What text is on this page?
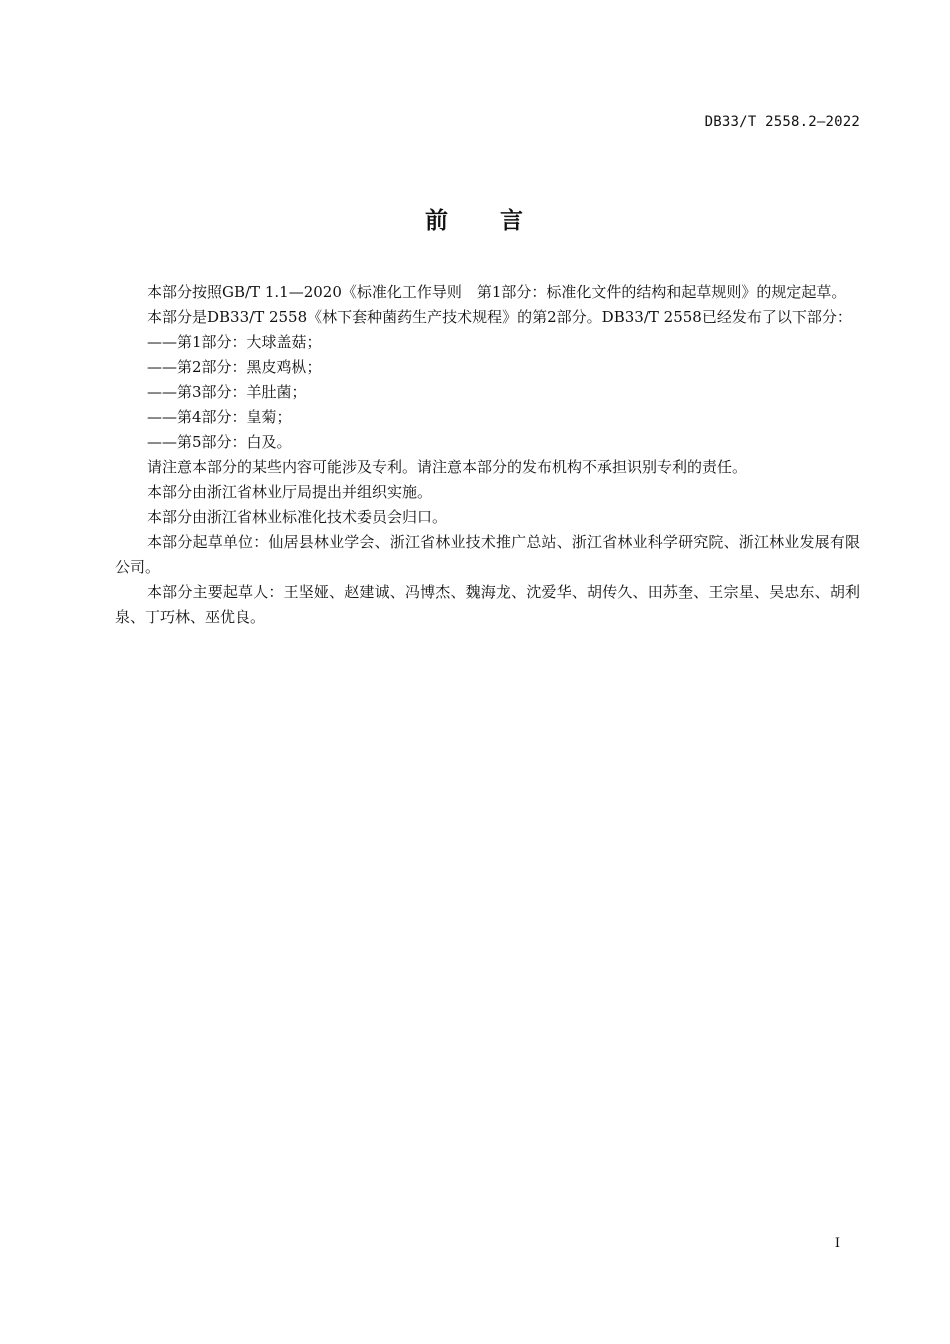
DB33/T 2558.2—2022
前　　言

本部分按照GB/T 1.1—2020《标准化工作导则　第1部分：标准化文件的结构和起草规则》的规定起草。

本部分是DB33/T 2558《林下套种菌药生产技术规程》的第2部分。DB33/T 2558已经发布了以下部分：

——第1部分：大球盖菇；

——第2部分：黑皮鸡枞；

——第3部分：羊肚菌；

——第4部分：皇菊；

——第5部分：白及。

请注意本部分的某些内容可能涉及专利。请注意本部分的发布机构不承担识别专利的责任。

本部分由浙江省林业厅局提出并组织实施。

本部分由浙江省林业标准化技术委员会归口。

本部分起草单位：仙居县林业学会、浙江省林业技术推广总站、浙江省林业科学研究院、浙江林业发展有限公司。

本部分主要起草人：王坚娅、赵建诚、冯博杰、魏海龙、沈爱华、胡传久、田苏奎、王宗星、吴忠东、胡利泉、丁巧林、巫优良。

I
